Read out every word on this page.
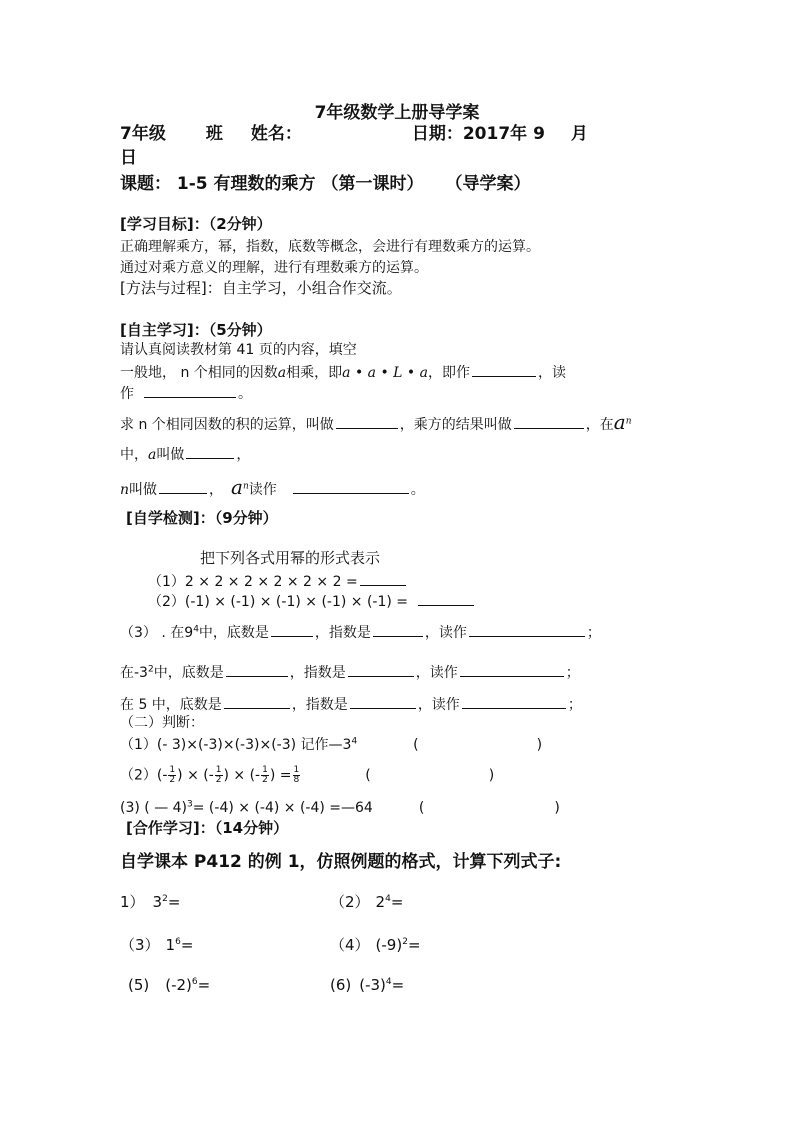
7年级数学上册导学案
7年级 班 姓名：	日期：2017年 9 月
日
课题： 1-5 有理数的乘方 （第一课时） （导学案）
[学习目标]：（2分钟）
正确理解乘方，幂，指数，底数等概念，会进行有理数乘方的运算。
通过对乘方意义的理解，进行有理数乘方的运算。
[方法与过程]：自主学习，小组合作交流。
[自主学习]：（5分钟）
请认真阅读教材第 41 页的内容，填空
一般地， n 个相同的因数a相乘，即a • a • L • a，即作	，读
作	。
求 n 个相同因数的积的运算，叫做	，乘方的结果叫做	，在$a^n$
中，a叫做	，
n叫做	， $a^n$读作	。
[自学检测]：（9分钟）
把下列各式用幂的形式表示
（1）2 × 2 × 2 × 2 × 2 × 2 =
（2）(-1) × (-1) × (-1) × (-1) × (-1) =
（3） . 在$9^4$中，底数是	，指数是	，读作	；
在$-3^2$中，底数是	，指数是	，读作	；
在 5 中，底数是	，指数是	，读作	；
（二）判断：
（1）(- 3)×(-3)×(-3)×(-3) 记作$—3^4$	(	)
$(2)(- \frac{1}{2}$ ) × (- $\frac{1}{2}$ ) × (- $\frac{1}{2}$ ) = $\frac{1}{8}$	(	)
(3) ( — 4)$^3$= (-4) × (-4) × (-4) =—64	(	)
[合作学习]：（14分钟）
自学课本 P412 的例 1，仿照例题的格式，计算下列式子:
1） $3^2=$	（2） $2^4=$
（3） $1^6=$	（4） $(-9)^2=$
(5) $(-2)^6=$	(6) $(-3)^4=$
